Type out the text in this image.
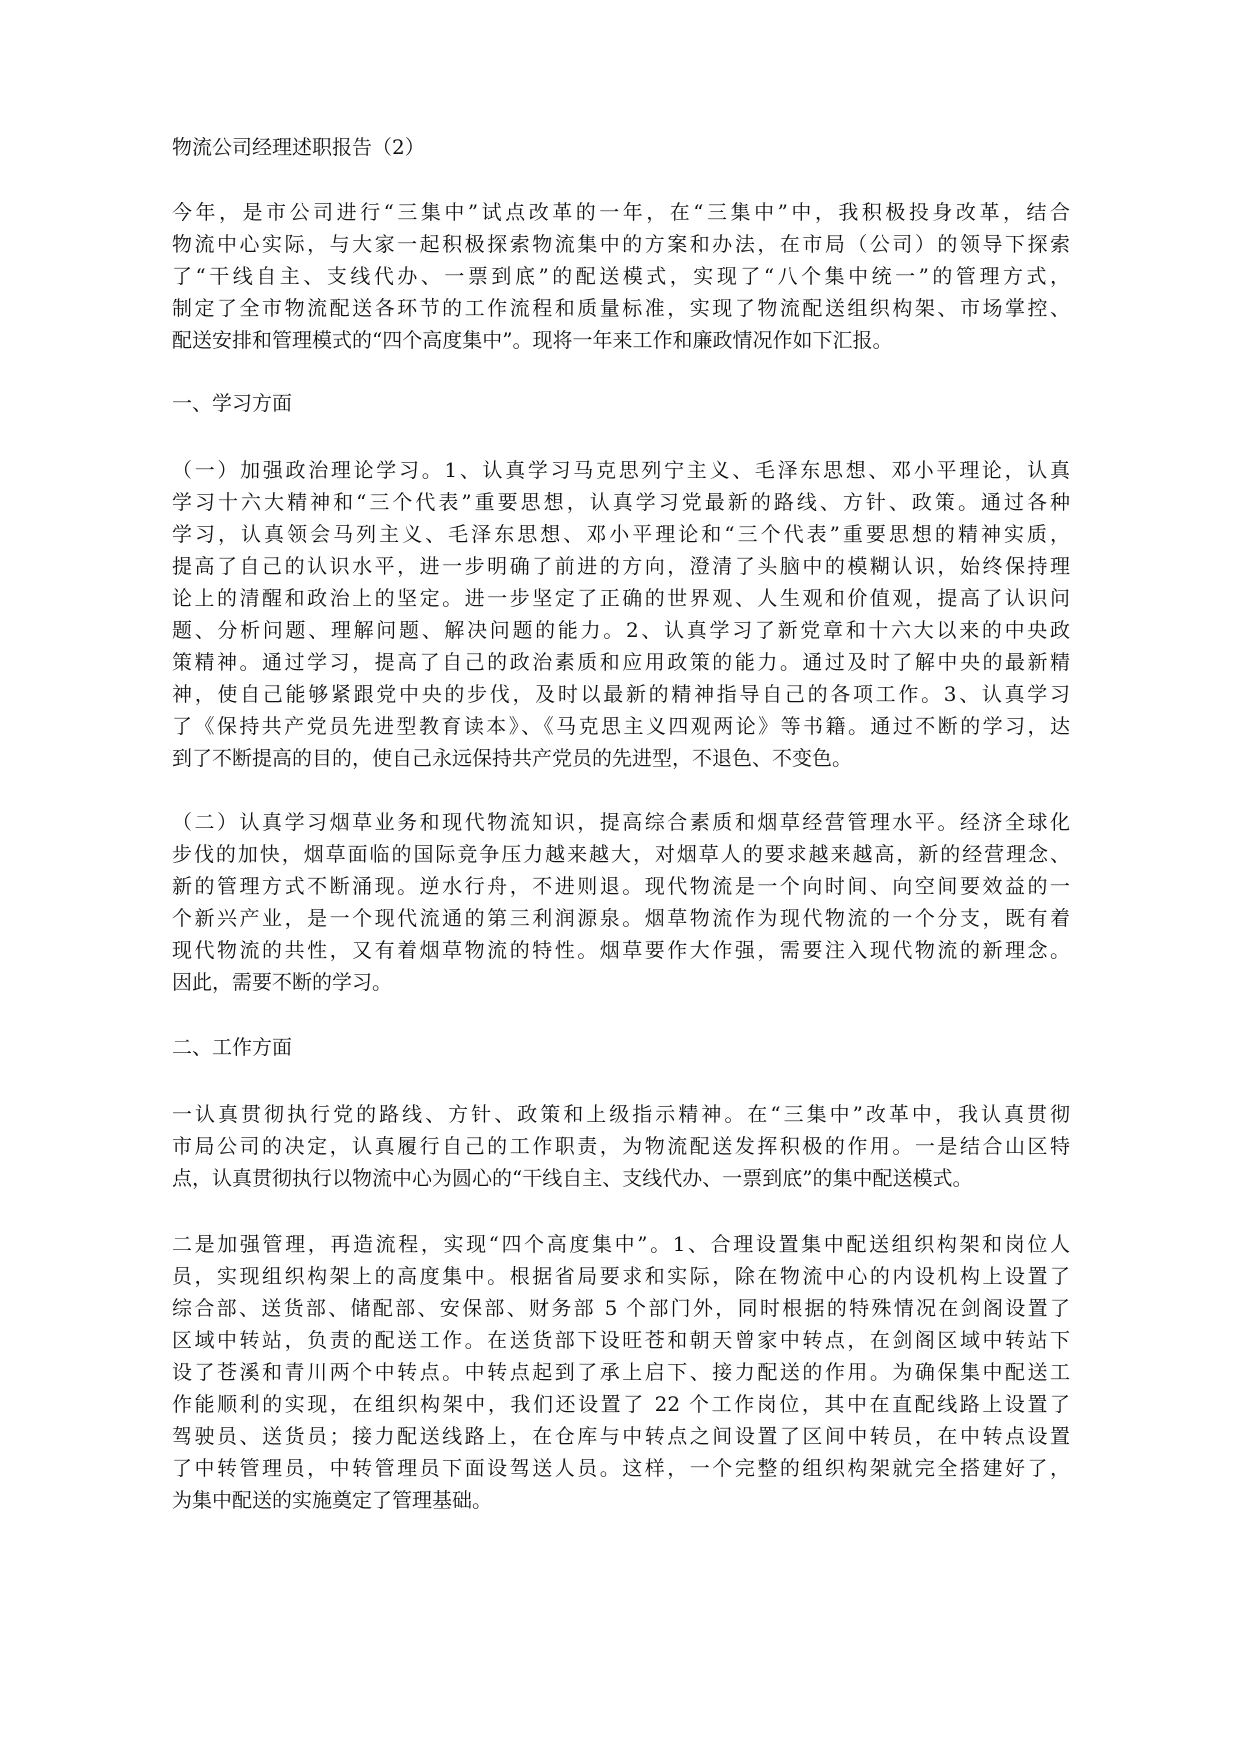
物流公司经理述职报告（2）
今年，是市公司进行“三集中”试点改革的一年，在“三集中”中，我积极投身改革，结合
物流中心实际，与大家一起积极探索物流集中的方案和办法，在市局（公司）的领导下探索
了“干线自主、支线代办、一票到底”的配送模式，实现了“八个集中统一”的管理方式，
制定了全市物流配送各环节的工作流程和质量标准，实现了物流配送组织构架、市场掌控、
配送安排和管理模式的“四个高度集中”。现将一年来工作和廉政情况作如下汇报。
一、学习方面
（一）加强政治理论学习。1、认真学习马克思列宁主义、毛泽东思想、邓小平理论，认真
学习十六大精神和“三个代表”重要思想，认真学习党最新的路线、方针、政策。通过各种
学习，认真领会马列主义、毛泽东思想、邓小平理论和“三个代表”重要思想的精神实质，
提高了自己的认识水平，进一步明确了前进的方向，澄清了头脑中的模糊认识，始终保持理
论上的清醒和政治上的坚定。进一步坚定了正确的世界观、人生观和价值观，提高了认识问
题、分析问题、理解问题、解决问题的能力。2、认真学习了新党章和十六大以来的中央政
策精神。通过学习，提高了自己的政治素质和应用政策的能力。通过及时了解中央的最新精
神，使自己能够紧跟党中央的步伐，及时以最新的精神指导自己的各项工作。3、认真学习
了《保持共产党员先进型教育读本》、《马克思主义四观两论》等书籍。通过不断的学习，达
到了不断提高的目的，使自己永远保持共产党员的先进型，不退色、不变色。
（二）认真学习烟草业务和现代物流知识，提高综合素质和烟草经营管理水平。经济全球化
步伐的加快，烟草面临的国际竞争压力越来越大，对烟草人的要求越来越高，新的经营理念、
新的管理方式不断涌现。逆水行舟，不进则退。现代物流是一个向时间、向空间要效益的一
个新兴产业，是一个现代流通的第三利润源泉。烟草物流作为现代物流的一个分支，既有着
现代物流的共性，又有着烟草物流的特性。烟草要作大作强，需要注入现代物流的新理念。
因此，需要不断的学习。
二、工作方面
一认真贯彻执行党的路线、方针、政策和上级指示精神。在“三集中”改革中，我认真贯彻
市局公司的决定，认真履行自己的工作职责，为物流配送发挥积极的作用。一是结合山区特
点，认真贯彻执行以物流中心为圆心的“干线自主、支线代办、一票到底”的集中配送模式。
二是加强管理，再造流程，实现“四个高度集中”。1、合理设置集中配送组织构架和岗位人
员，实现组织构架上的高度集中。根据省局要求和实际，除在物流中心的内设机构上设置了
综合部、送货部、储配部、安保部、财务部 5 个部门外，同时根据的特殊情况在剑阁设置了
区域中转站，负责的配送工作。在送货部下设旺苍和朝天曾家中转点，在剑阁区域中转站下
设了苍溪和青川两个中转点。中转点起到了承上启下、接力配送的作用。为确保集中配送工
作能顺利的实现，在组织构架中，我们还设置了 22 个工作岗位，其中在直配线路上设置了
驾驶员、送货员；接力配送线路上，在仓库与中转点之间设置了区间中转员，在中转点设置
了中转管理员，中转管理员下面设驾送人员。这样，一个完整的组织构架就完全搭建好了，
为集中配送的实施奠定了管理基础。
